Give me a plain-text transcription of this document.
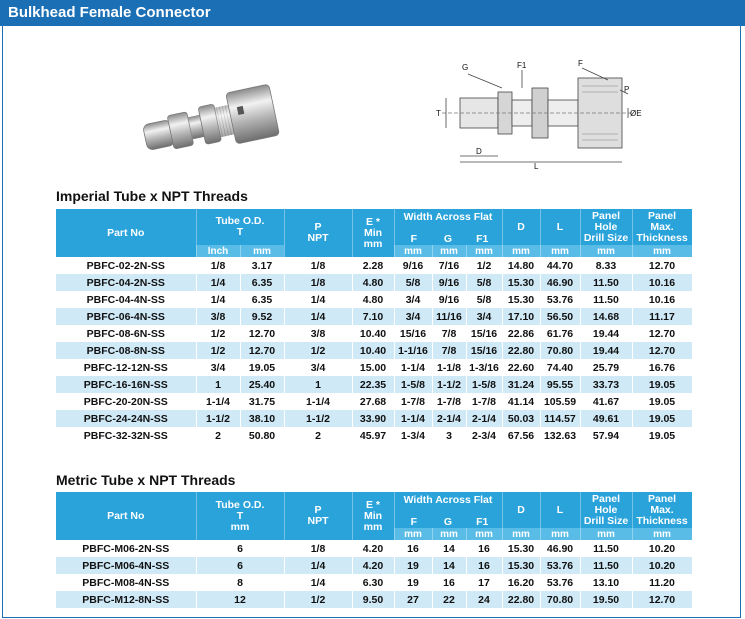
Bulkhead Female Connector
G	F1	F
P
ØE
T
D
L
Imperial Tube x NPT Threads
Part No	Tube O.D.
T		P
NPT	E *
Min
mm	Width Across Flat

F G F1			D	L	Panel
Hole
Drill Size	Panel
Max.
Thickness
	Inch	mm			mm	mm	mm	mm	mm	mm	mm
PBFC-02-2N-SS	1/8	3.17	1/8	2.28	9/16	7/16	1/2	14.80	44.70	8.33	12.70
PBFC-04-2N-SS	1/4	6.35	1/8	4.80	5/8	9/16	5/8	15.30	46.90	11.50	10.16
PBFC-04-4N-SS	1/4	6.35	1/4	4.80	3/4	9/16	5/8	15.30	53.76	11.50	10.16
PBFC-06-4N-SS	3/8	9.52	1/4	7.10	3/4	11/16	3/4	17.10	56.50	14.68	11.17
PBFC-08-6N-SS	1/2	12.70	3/8	10.40	15/16	7/8	15/16	22.86	61.76	19.44	12.70
PBFC-08-8N-SS	1/2	12.70	1/2	10.40	1-1/16	7/8	15/16	22.80	70.80	19.44	12.70
PBFC-12-12N-SS	3/4	19.05	3/4	15.00	1-1/4	1-1/8	1-3/16	22.60	74.40	25.79	16.76
PBFC-16-16N-SS	1	25.40	1	22.35	1-5/8	1-1/2	1-5/8	31.24	95.55	33.73	19.05
PBFC-20-20N-SS	1-1/4	31.75	1-1/4	27.68	1-7/8	1-7/8	1-7/8	41.14	105.59	41.67	19.05
PBFC-24-24N-SS	1-1/2	38.10	1-1/2	33.90	1-1/4	2-1/4	2-1/4	50.03	114.57	49.61	19.05
PBFC-32-32N-SS	2	50.80	2	45.97	1-3/4	3	2-3/4	67.56	132.63	57.94	19.05
Metric Tube x NPT Threads
Part No	Tube O.D.
T
mm	P
NPT	E *
Min
mm	Width Across Flat

F G F1			D	L	Panel
Hole
Drill Size	Panel
Max.
Thickness
				mm	mm	mm	mm	mm	mm	mm
PBFC-M06-2N-SS	6	1/8	4.20	16	14	16	15.30	46.90	11.50	10.20
PBFC-M06-4N-SS	6	1/4	4.20	19	14	16	15.30	53.76	11.50	10.20
PBFC-M08-4N-SS	8	1/4	6.30	19	16	17	16.20	53.76	13.10	11.20
PBFC-M12-8N-SS	12	1/2	9.50	27	22	24	22.80	70.80	19.50	12.70
